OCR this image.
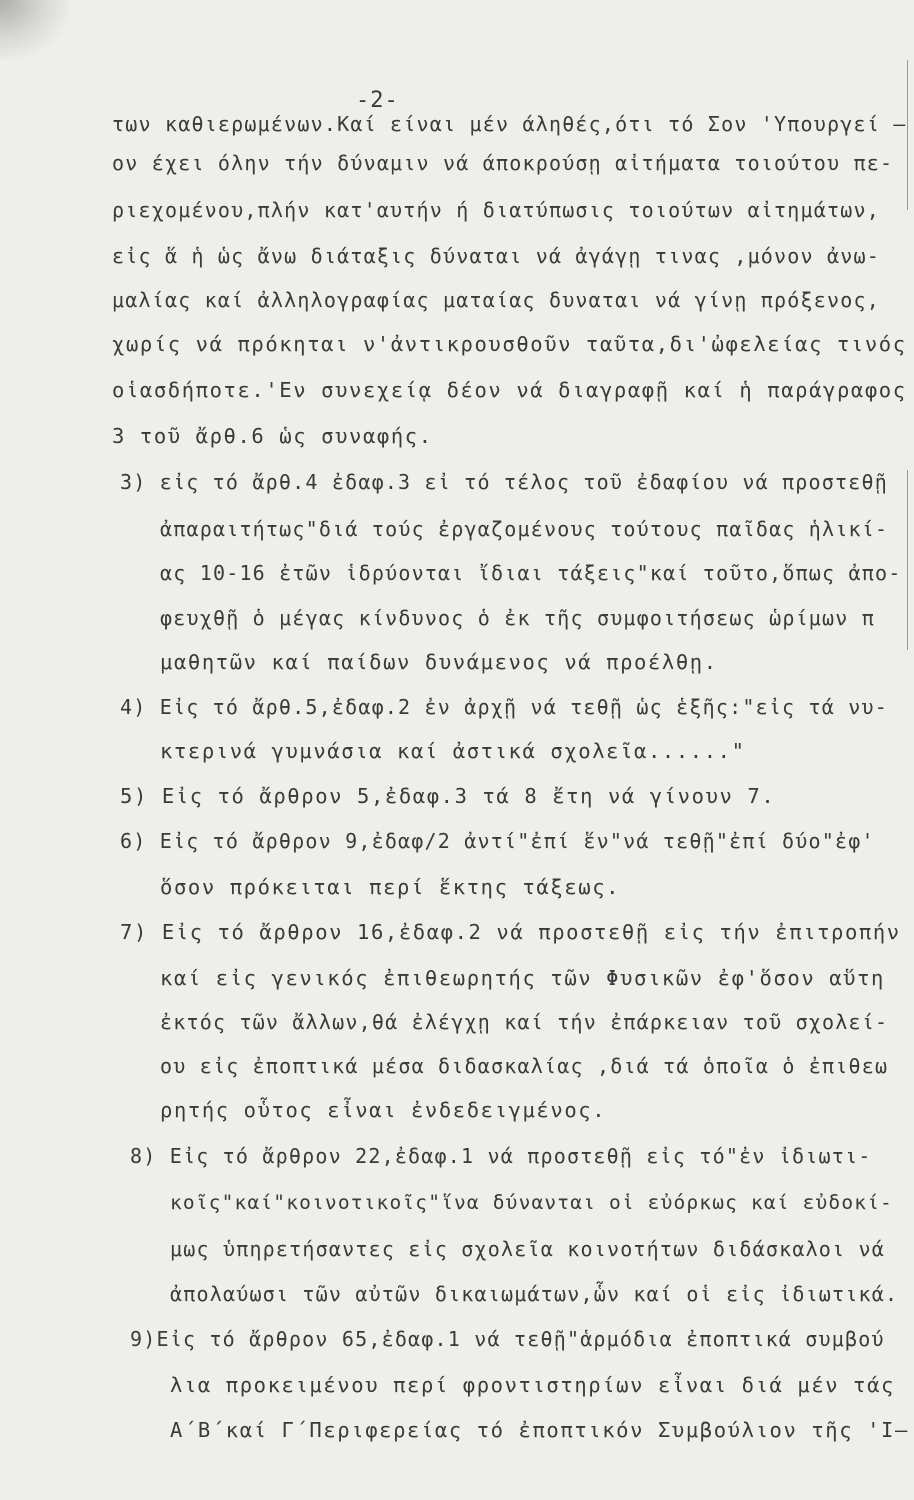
-2-
των καθιερωμένων.Καί είναι μέν άληθές,ότι τό Σον 'Υπουργεί —
ον έχει όλην τήν δύναμιν νά άποκρούσῃ αἰτήματα τοιούτου πε-
ριεχομένου,πλήν κατ'αυτήν ή διατύπωσις τοιούτων αἰτημάτων,
εἰς ἅ ἡ ὡς ἄνω διάταξις δύναται νά ἀγάγῃ τινας ,μόνον ἀνω-
μαλίας καί ἀλληλογραφίας ματαίας δυναται νά γίνῃ πρόξενος,
χωρίς νά πρόκηται ν'ἀντικρουσθοῦν ταῦτα,δι'ὠφελείας τινός
οἱασδήποτε.'Εν συνεχείᾳ δέον νά διαγραφῇ καί ἡ παράγραφος
3 τοῦ ἄρθ.6 ὡς συναφής.
3) εἰς τό ἄρθ.4 ἐδαφ.3 εἰ τό τέλος τοῦ ἐδαφίου νά προστεθῇ
ἀπαραιτήτως"διά τούς ἐργαζομένους τούτους παῖδας ἡλικί-
ας 10-16 ἐτῶν ἱδρύονται ἴδιαι τάξεις"καί τοῦτο,ὅπως ἀπο-
φευχθῇ ὁ μέγας κίνδυνος ὁ ἐκ τῆς συμφοιτήσεως ὡρίμων π
μαθητῶν καί παίδων δυνάμενος νά προέλθῃ.
4) Εἰς τό ἄρθ.5,ἐδαφ.2 ἐν ἀρχῇ νά τεθῇ ὡς ἑξῆς:"εἰς τά νυ-
κτερινά γυμνάσια καί ἀστικά σχολεῖα......"
5) Εἰς τό ἄρθρον 5,ἐδαφ.3 τά 8 ἔτη νά γίνουν 7.
6) Εἰς τό ἄρθρον 9,ἐδαφ/2 ἀντί"ἐπί ἕν"νά τεθῇ"ἐπί δύο"ἐφ'
ὅσον πρόκειται περί ἕκτης τάξεως.
7) Εἰς τό ἄρθρον 16,ἐδαφ.2 νά προστεθῇ εἰς τήν ἐπιτροπήν
καί εἰς γενικός ἐπιθεωρητής τῶν Φυσικῶν ἐφ'ὅσον αὕτη
ἐκτός τῶν ἄλλων,θά ἐλέγχῃ καί τήν ἐπάρκειαν τοῦ σχολεί-
ου εἰς ἐποπτικά μέσα διδασκαλίας ,διά τά ὁποῖα ὁ ἐπιθεω
ρητής οὗτος εἶναι ἐνδεδειγμένος.
8) Εἰς τό ἄρθρον 22,ἐδαφ.1 νά προστεθῇ εἰς τό"ἐν ἰδιωτι-
κοῖς"καί"κοινοτικοῖς"ἵνα δύνανται οἱ εὐόρκως καί εὐδοκί-
μως ὑπηρετήσαντες εἰς σχολεῖα κοινοτήτων διδάσκαλοι νά
ἀπολαύωσι τῶν αὐτῶν δικαιωμάτων,ὧν καί οἱ εἰς ἰδιωτικά.
9)Εἰς τό ἄρθρον 65,ἐδαφ.1 νά τεθῇ"ἁρμόδια ἐποπτικά συμβού
λια προκειμένου περί φροντιστηρίων εἶναι διά μέν τάς
Α΄Β΄καί Γ΄Περιφερείας τό ἐποπτικόν Συμβούλιον τῆς 'Ι—
